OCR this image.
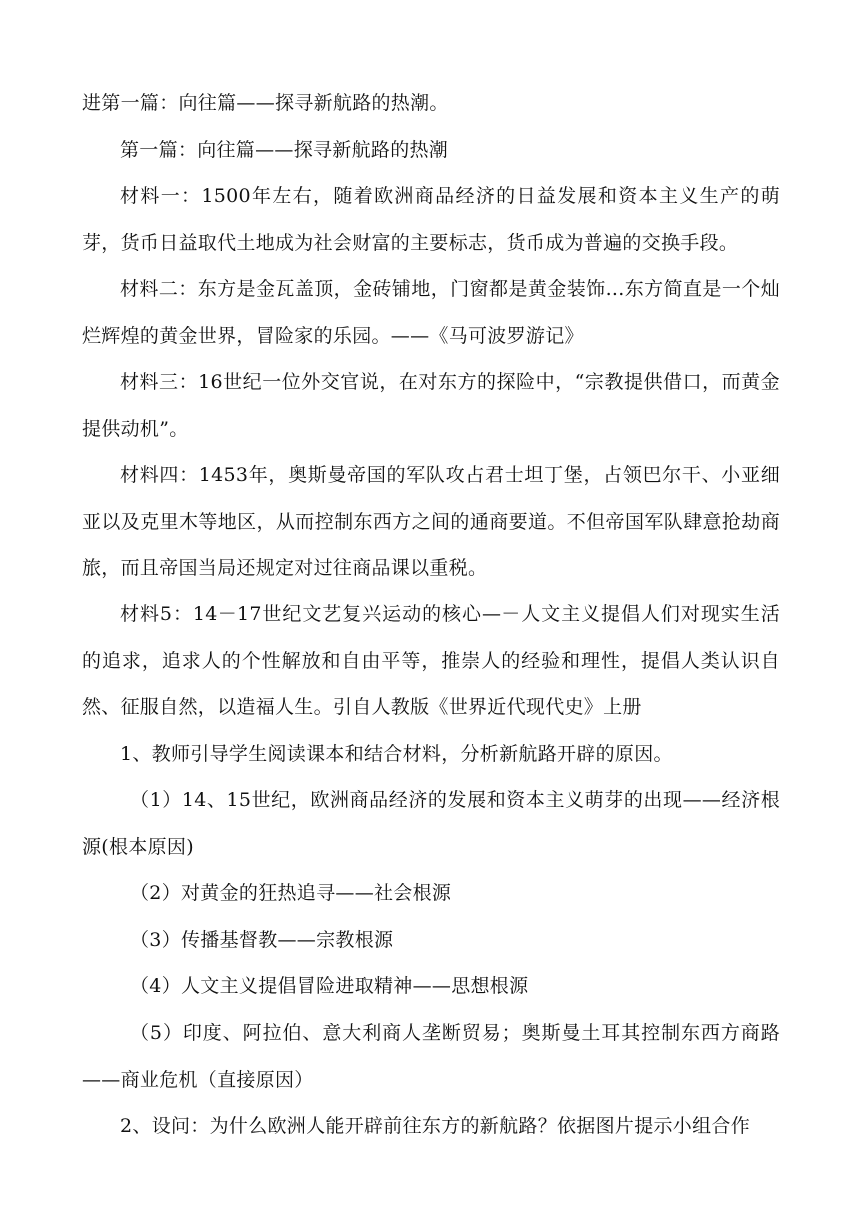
进第一篇：向往篇——探寻新航路的热潮。

第一篇：向往篇——探寻新航路的热潮

材料一：1500年左右，随着欧洲商品经济的日益发展和资本主义生产的萌芽，货币日益取代土地成为社会财富的主要标志，货币成为普遍的交换手段。

材料二：东方是金瓦盖顶，金砖铺地，门窗都是黄金装饰...东方简直是一个灿烂辉煌的黄金世界，冒险家的乐园。——《马可波罗游记》

材料三：16世纪一位外交官说，在对东方的探险中，“宗教提供借口，而黄金提供动机”。

材料四：1453年，奥斯曼帝国的军队攻占君士坦丁堡，占领巴尔干、小亚细亚以及克里木等地区，从而控制东西方之间的通商要道。不但帝国军队肆意抢劫商旅，而且帝国当局还规定对过往商品课以重税。

材料5：14－17世纪文艺复兴运动的核心—－人文主义提倡人们对现实生活的追求，追求人的个性解放和自由平等，推崇人的经验和理性，提倡人类认识自然、征服自然，以造福人生。引自人教版《世界近代现代史》上册

1、教师引导学生阅读课本和结合材料，分析新航路开辟的原因。

（1）14、15世纪，欧洲商品经济的发展和资本主义萌芽的出现——经济根源(根本原因)

（2）对黄金的狂热追寻——社会根源

（3）传播基督教——宗教根源

（4）人文主义提倡冒险进取精神——思想根源

（5）印度、阿拉伯、意大利商人垄断贸易；奥斯曼土耳其控制东西方商路——商业危机（直接原因）

2、设问：为什么欧洲人能开辟前往东方的新航路？依据图片提示小组合作
